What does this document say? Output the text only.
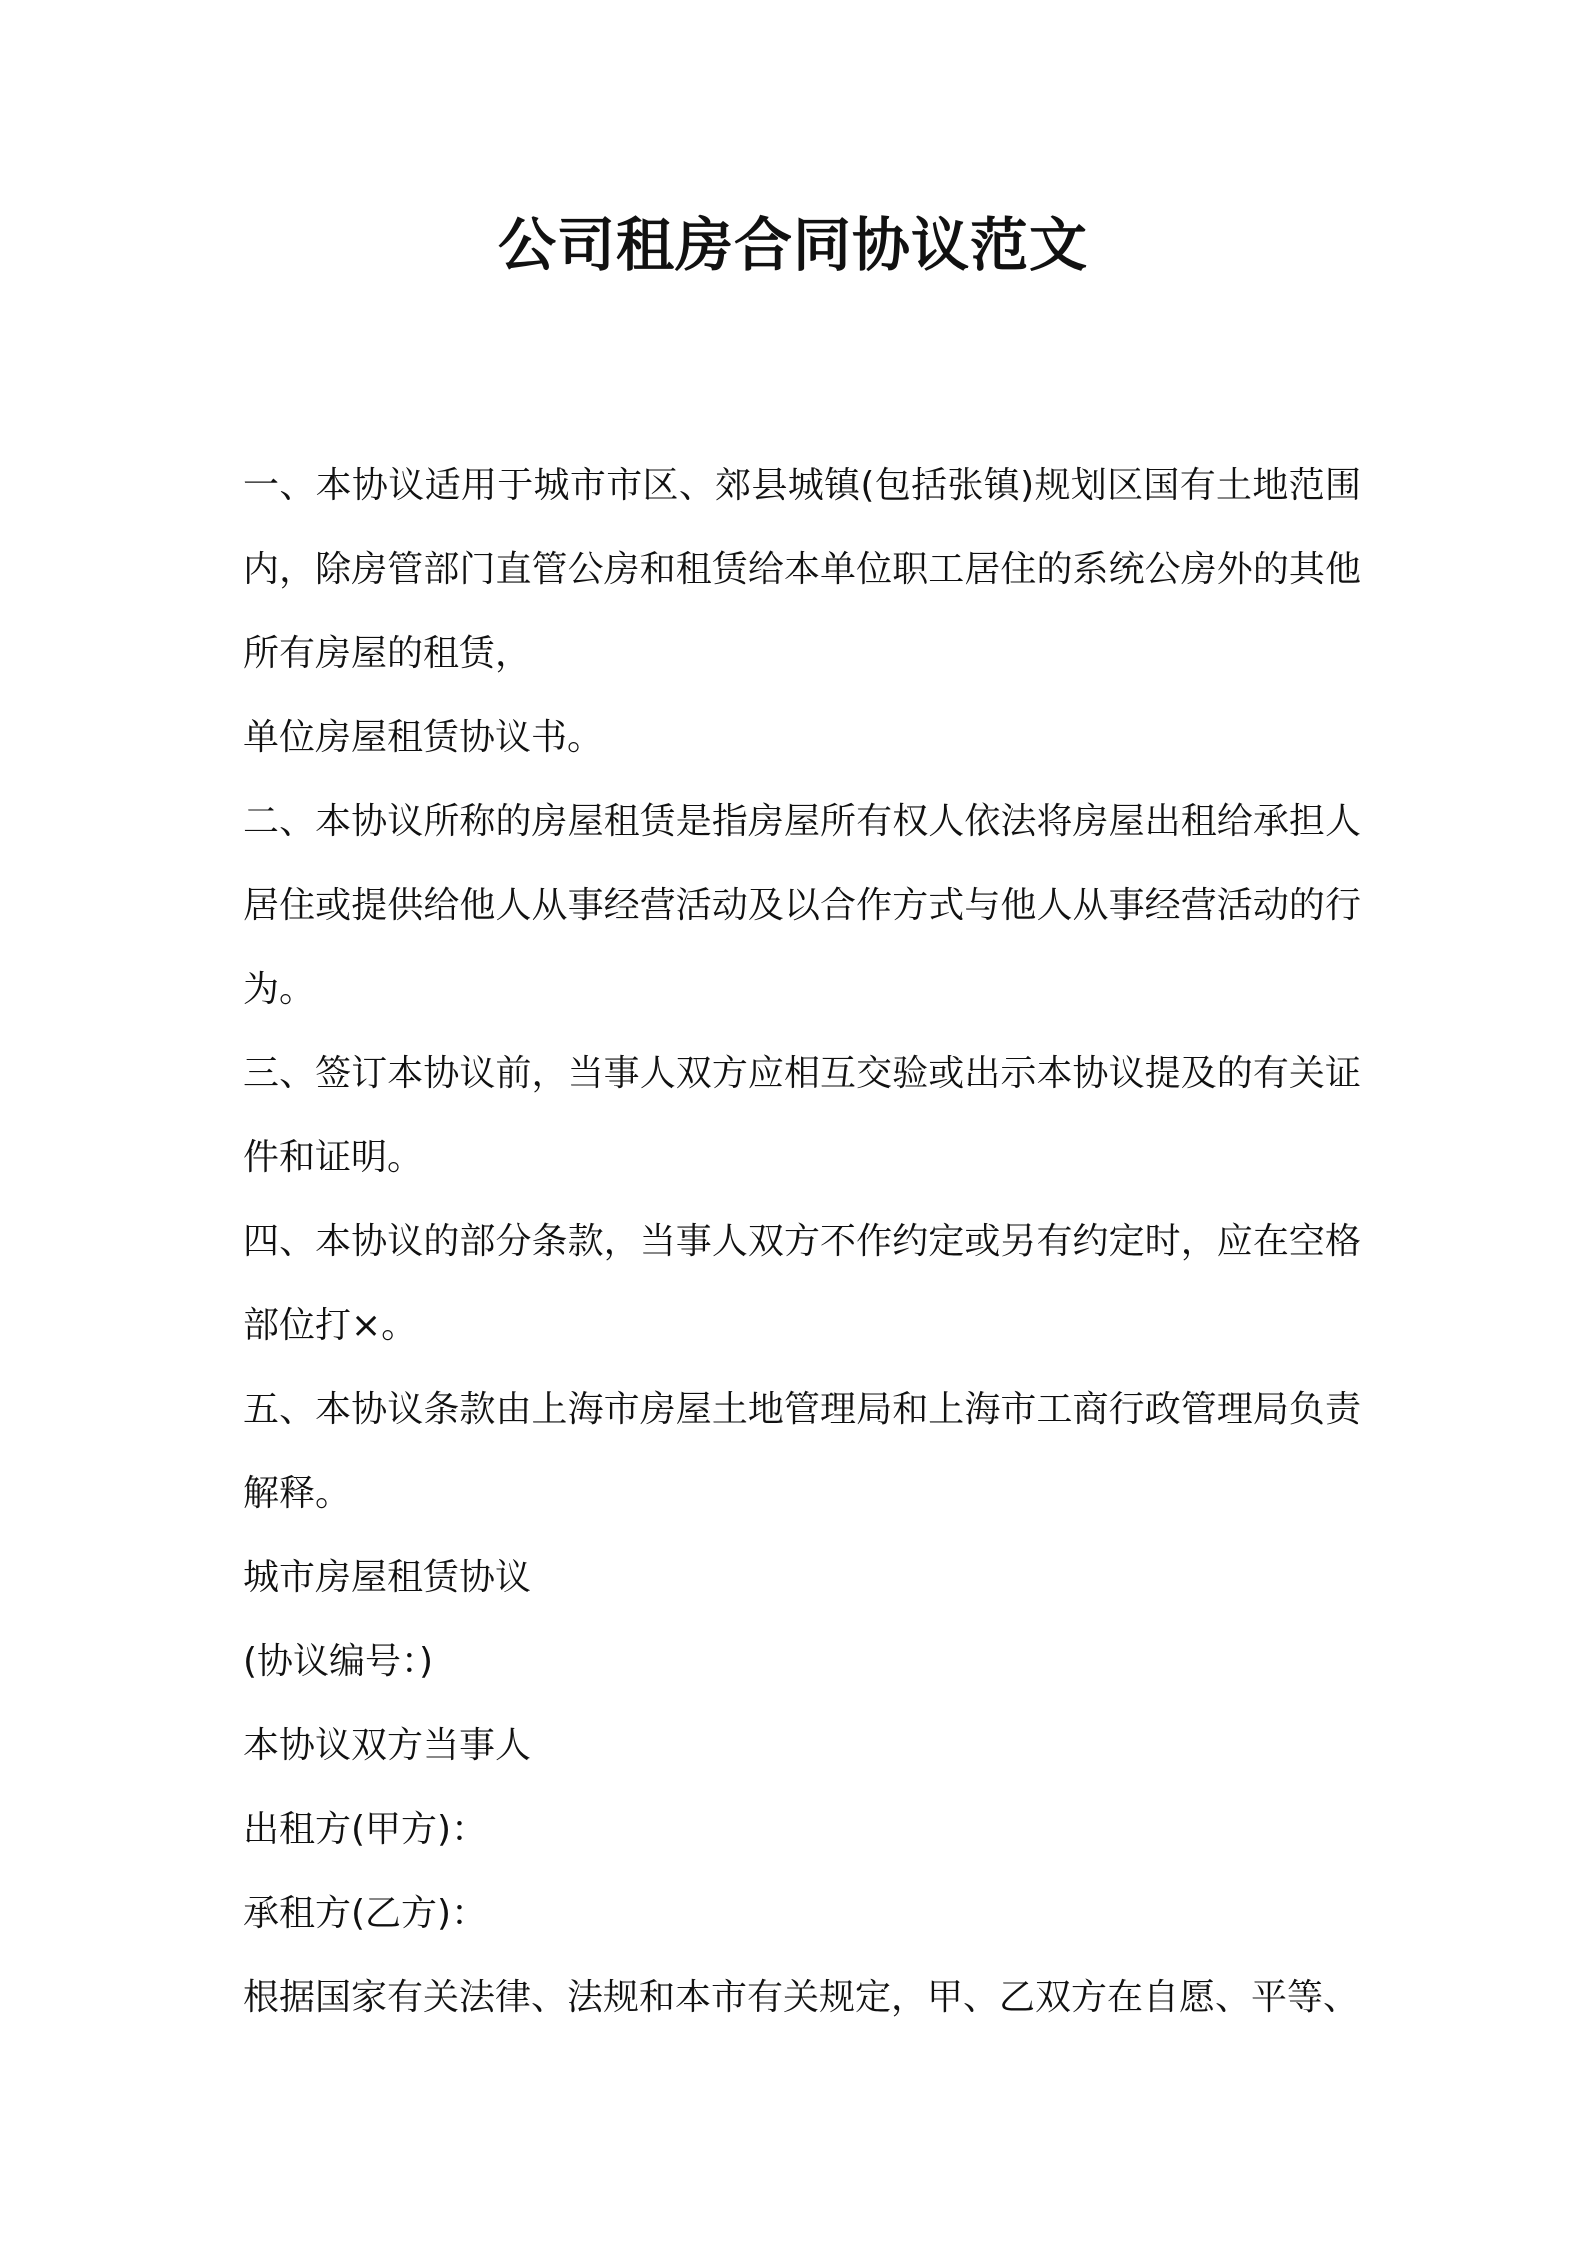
公司租房合同协议范文

一、本协议适用于城市市区、郊县城镇(包括张镇)规划区国有土地范围内，除房管部门直管公房和租赁给本单位职工居住的系统公房外的其他所有房屋的租赁，

单位房屋租赁协议书。

二、本协议所称的房屋租赁是指房屋所有权人依法将房屋出租给承担人居住或提供给他人从事经营活动及以合作方式与他人从事经营活动的行为。

三、签订本协议前，当事人双方应相互交验或出示本协议提及的有关证件和证明。

四、本协议的部分条款，当事人双方不作约定或另有约定时，应在空格部位打×。

五、本协议条款由上海市房屋土地管理局和上海市工商行政管理局负责解释。

城市房屋租赁协议

(协议编号：)

本协议双方当事人

出租方(甲方)：

承租方(乙方)：

根据国家有关法律、法规和本市有关规定，甲、乙双方在自愿、平等、
